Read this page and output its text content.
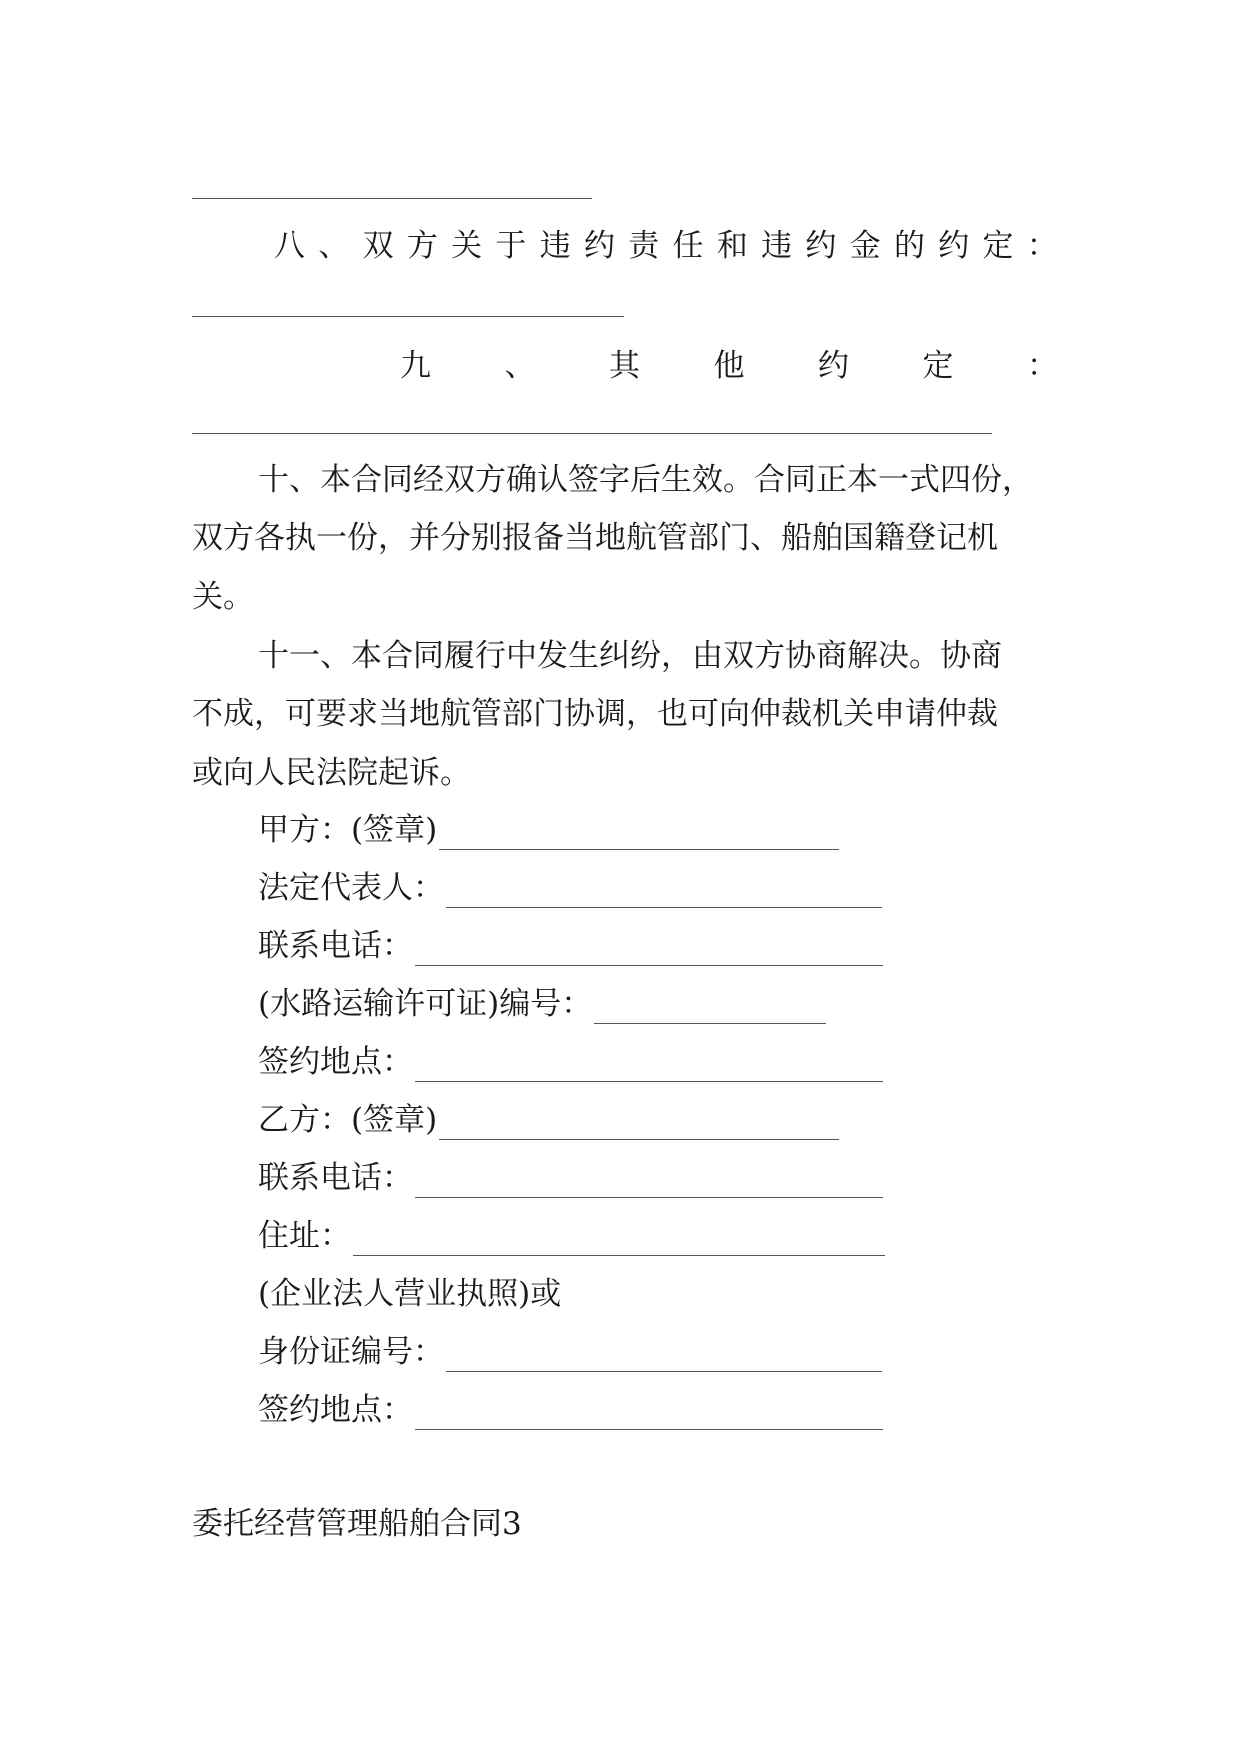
八 、 双 方 关 于 违 约 责 任 和 违 约 金 的 约 定 ：
九 、 其 他 约 定 ：
十、本合同经双方确认签字后生效。合同正本一式四份，
双方各执一份，并分别报备当地航管部门、船舶国籍登记机
关。
十一、本合同履行中发生纠纷，由双方协商解决。协商
不成，可要求当地航管部门协调，也可向仲裁机关申请仲裁
或向人民法院起诉。
甲方：(签章)
法定代表人：
联系电话：
(水路运输许可证)编号：
签约地点：
乙方：(签章)
联系电话：
住址：
(企业法人营业执照)或
身份证编号：
签约地点：
委托经营管理船舶合同3
